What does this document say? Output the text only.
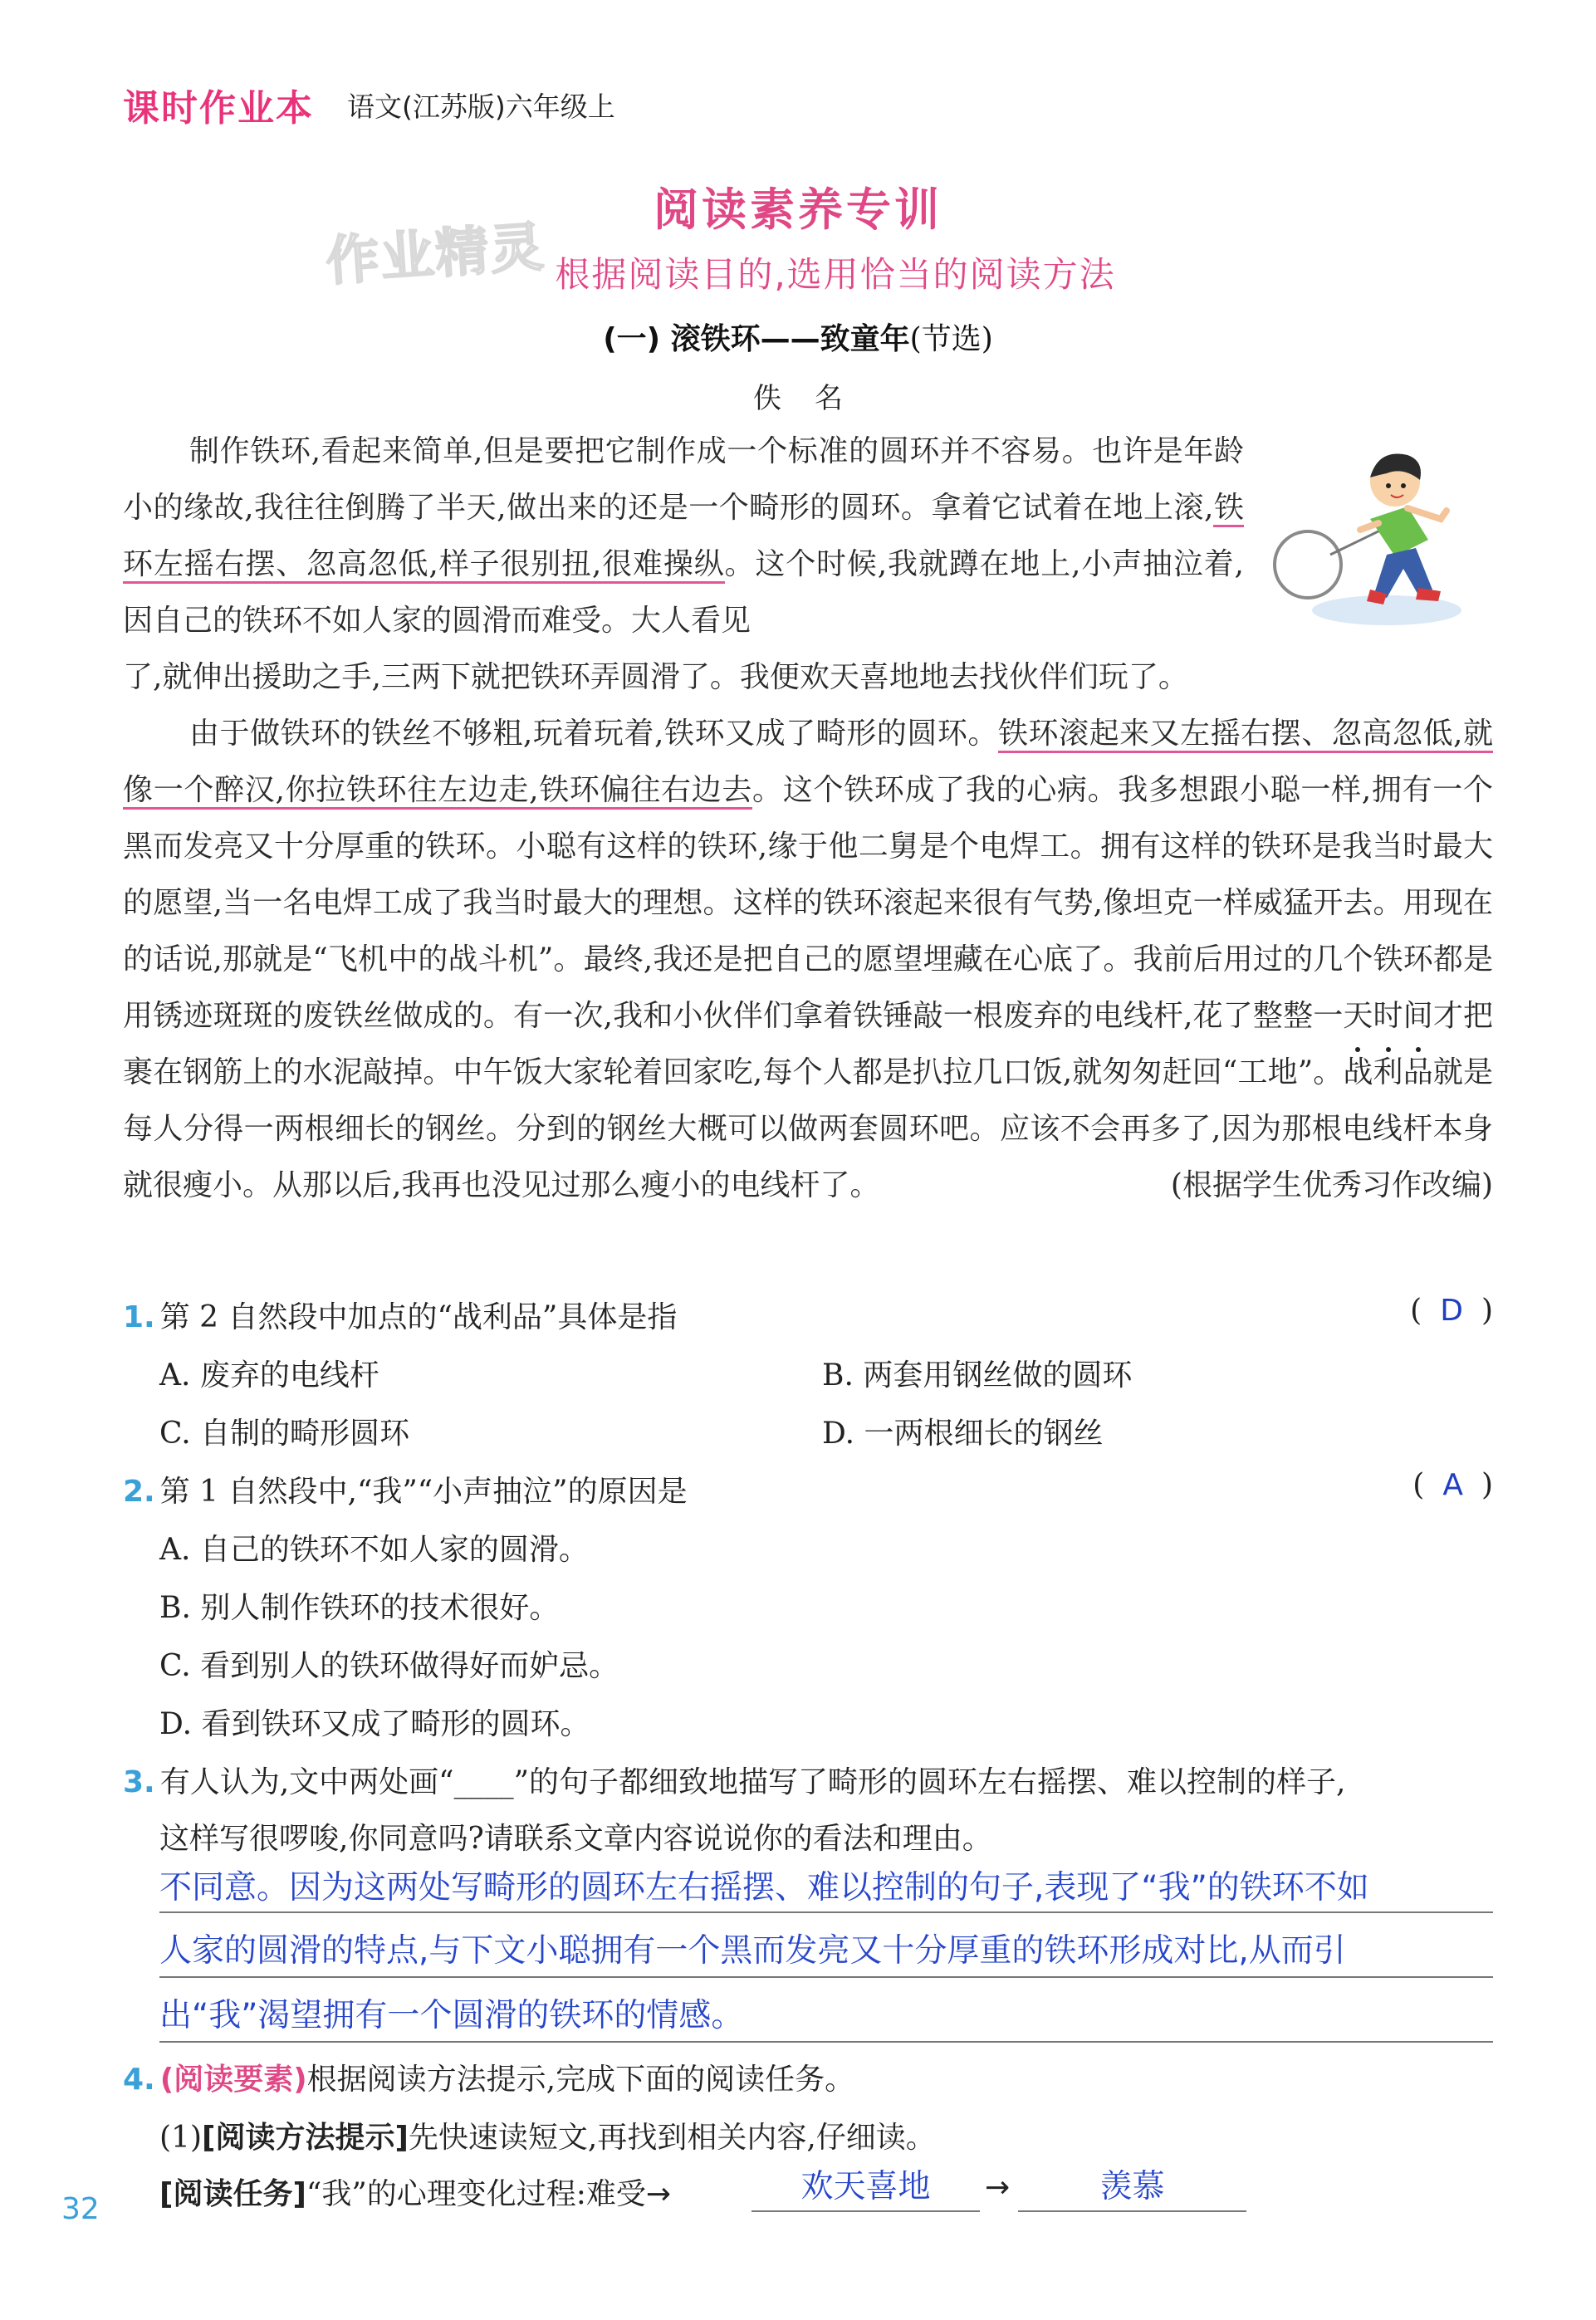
课时作业本 语文(江苏版)六年级上
作业精灵
阅读素养专训
根据阅读目的,选用恰当的阅读方法
(一) 滚铁环——致童年(节选)
佚名

制作铁环,看起来简单,但是要把它制作成一个标准的圆环并不容易。也许是年龄小的缘故,我往往倒腾了半天,做出来的还是一个畸形的圆环。拿着它试着在地上滚,铁环左摇右摆、忽高忽低,样子很别扭,很难操纵。这个时候,我就蹲在地上,小声抽泣着,因自己的铁环不如人家的圆滑而难受。大人看见

了,就伸出援助之手,三两下就把铁环弄圆滑了。我便欢天喜地地去找伙伴们玩了。

由于做铁环的铁丝不够粗,玩着玩着,铁环又成了畸形的圆环。铁环滚起来又左摇右摆、忽高忽低,就像一个醉汉,你拉铁环往左边走,铁环偏往右边去。这个铁环成了我的心病。我多想跟小聪一样,拥有一个黑而发亮又十分厚重的铁环。小聪有这样的铁环,缘于他二舅是个电焊工。拥有这样的铁环是我当时最大的愿望,当一名电焊工成了我当时最大的理想。这样的铁环滚起来很有气势,像坦克一样威猛开去。用现在的话说,那就是“飞机中的战斗机”。最终,我还是把自己的愿望埋藏在心底了。我前后用过的几个铁环都是用锈迹斑斑的废铁丝做成的。有一次,我和小伙伴们拿着铁锤敲一根废弃的电线杆,花了整整一天时间才把裹在钢筋上的水泥敲掉。中午饭大家轮着回家吃,每个人都是扒拉几口饭,就匆匆赶回“工地”。战利品就是每人分得一两根细长的钢丝。分到的钢丝大概可以做两套圆环吧。应该不会再多了,因为那根电线杆本身就很瘦小。从那以后,我再也没见过那么瘦小的电线杆了。	(根据学生优秀习作改编)

1. 第 2 自然段中加点的“战利品”具体是指	( D )
A. 废弃的电线杆	B. 两套用钢丝做的圆环
C. 自制的畸形圆环	D. 一两根细长的钢丝
2. 第 1 自然段中,“我”“小声抽泣”的原因是	( A )
A. 自己的铁环不如人家的圆滑。
B. 别人制作铁环的技术很好。
C. 看到别人的铁环做得好而妒忌。
D. 看到铁环又成了畸形的圆环。
3. 有人认为,文中两处画“____”的句子都细致地描写了畸形的圆环左右摇摆、难以控制的样子,
这样写很啰唆,你同意吗?请联系文章内容说说你的看法和理由。
不同意。因为这两处写畸形的圆环左右摇摆、难以控制的句子,表现了“我”的铁环不如
人家的圆滑的特点,与下文小聪拥有一个黑而发亮又十分厚重的铁环形成对比,从而引
出“我”渴望拥有一个圆滑的铁环的情感。
4. (阅读要素)根据阅读方法提示,完成下面的阅读任务。
(1)[阅读方法提示]先快速读短文,再找到相关内容,仔细读。
[阅读任务]“我”的心理变化过程:难受→	欢天喜地	→	羡慕
32
